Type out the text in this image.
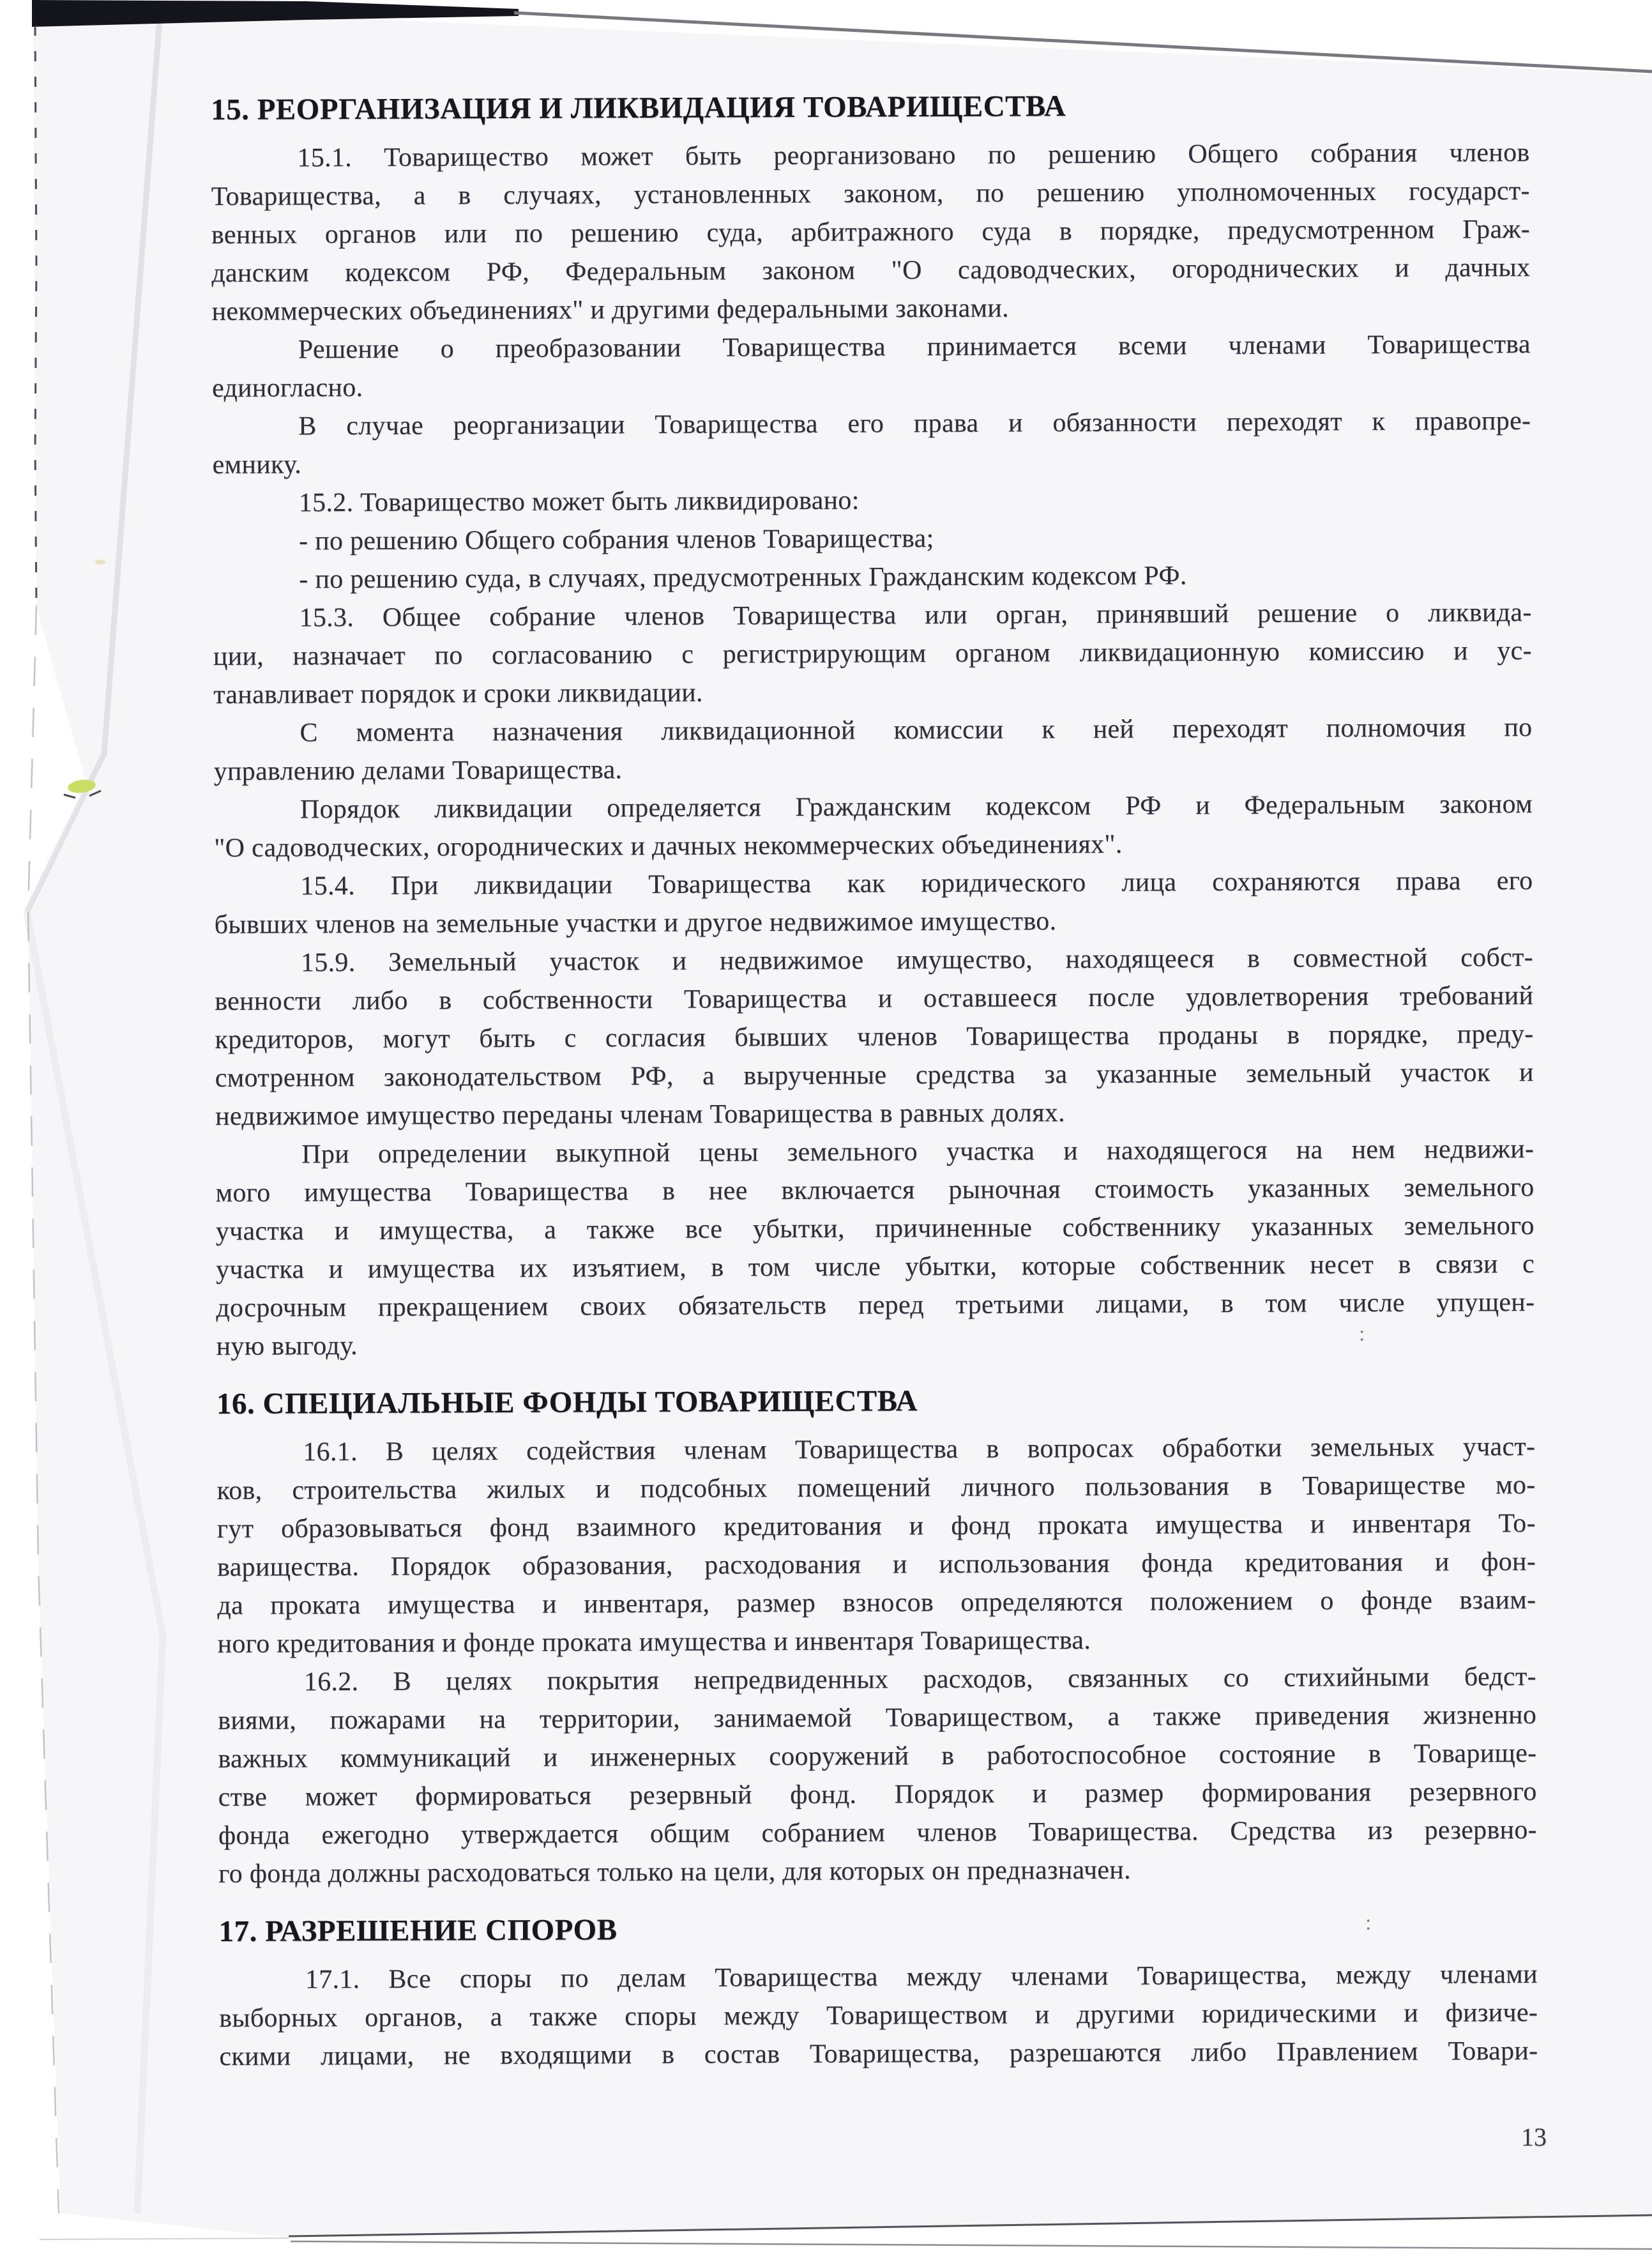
15. РЕОРГАНИЗАЦИЯ И ЛИКВИДАЦИЯ ТОВАРИЩЕСТВА
15.1. Товарищество может быть реорганизовано по решению Общего собрания членов
Товарищества, а в случаях, установленных законом, по решению уполномоченных государст-
венных органов или по решению суда, арбитражного суда в порядке, предусмотренном Граж-
данским кодексом РФ, Федеральным законом "О садоводческих, огороднических и дачных
некоммерческих объединениях" и другими федеральными законами.
Решение о преобразовании Товарищества принимается всеми членами Товарищества
единогласно.
В случае реорганизации Товарищества его права и обязанности переходят к правопре-
емнику.
15.2. Товарищество может быть ликвидировано:
- по решению Общего собрания членов Товарищества;
- по решению суда, в случаях, предусмотренных Гражданским кодексом РФ.
15.3. Общее собрание членов Товарищества или орган, принявший решение о ликвида-
ции, назначает по согласованию с регистрирующим органом ликвидационную комиссию и ус-
танавливает порядок и сроки ликвидации.
С момента назначения ликвидационной комиссии к ней переходят полномочия по
управлению делами Товарищества.
Порядок ликвидации определяется Гражданским кодексом РФ и Федеральным законом
"О садоводческих, огороднических и дачных некоммерческих объединениях".
15.4. При ликвидации Товарищества как юридического лица сохраняются права его
бывших членов на земельные участки и другое недвижимое имущество.
15.9. Земельный участок и недвижимое имущество, находящееся в совместной собст-
венности либо в собственности Товарищества и оставшееся после удовлетворения требований
кредиторов, могут быть с согласия бывших членов Товарищества проданы в порядке, преду-
смотренном законодательством РФ, а вырученные средства за указанные земельный участок и
недвижимое имущество переданы членам Товарищества в равных долях.
При определении выкупной цены земельного участка и находящегося на нем недвижи-
мого имущества Товарищества в нее включается рыночная стоимость указанных земельного
участка и имущества, а также все убытки, причиненные собственнику указанных земельного
участка и имущества их изъятием, в том числе убытки, которые собственник несет в связи с
досрочным прекращением своих обязательств перед третьими лицами, в том числе упущен-
ную выгоду.
16. СПЕЦИАЛЬНЫЕ ФОНДЫ ТОВАРИЩЕСТВА
16.1. В целях содействия членам Товарищества в вопросах обработки земельных участ-
ков, строительства жилых и подсобных помещений личного пользования в Товариществе мо-
гут образовываться фонд взаимного кредитования и фонд проката имущества и инвентаря То-
варищества. Порядок образования, расходования и использования фонда кредитования и фон-
да проката имущества и инвентаря, размер взносов определяются положением о фонде взаим-
ного кредитования и фонде проката имущества и инвентаря Товарищества.
16.2. В целях покрытия непредвиденных расходов, связанных со стихийными бедст-
виями, пожарами на территории, занимаемой Товариществом, а также приведения жизненно
важных коммуникаций и инженерных сооружений в работоспособное состояние в Товарище-
стве может формироваться резервный фонд. Порядок и размер формирования резервного
фонда ежегодно утверждается общим собранием членов Товарищества. Средства из резервно-
го фонда должны расходоваться только на цели, для которых он предназначен.
17. РАЗРЕШЕНИЕ СПОРОВ
17.1. Все споры по делам Товарищества между членами Товарищества, между членами
выборных органов, а также споры между Товариществом и другими юридическими и физиче-
скими лицами, не входящими в состав Товарищества, разрешаются либо Правлением Товари-
13
:
:
